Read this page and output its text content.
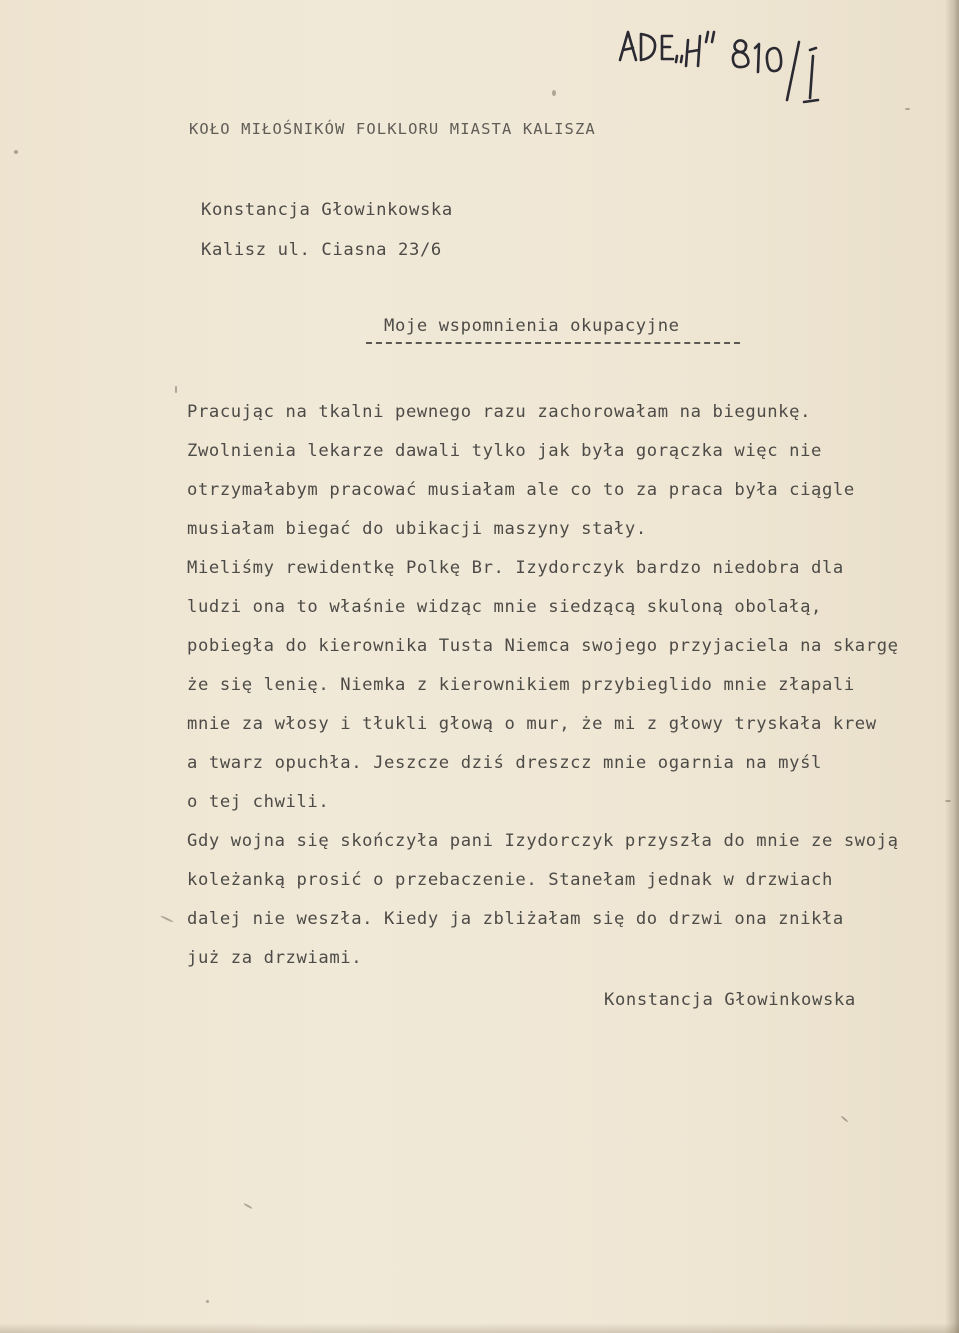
KOŁO MIŁOŚNIKÓW FOLKLORU MIASTA KALISZA

Konstancja Głowinkowska

Kalisz ul. Ciasna 23/6

Moje wspomnienia okupacyjne

Pracując na tkalni pewnego razu zachorowałam na biegunkę.

Zwolnienia lekarze dawali tylko jak była gorączka więc nie

otrzymałabym pracować musiałam ale co to za praca była ciągle

musiałam biegać do ubikacji maszyny stały.

Mieliśmy rewidentkę Polkę Br. Izydorczyk bardzo niedobra dla

ludzi ona to właśnie widząc mnie siedzącą skuloną obolałą,

pobiegła do kierownika Tusta Niemca swojego przyjaciela na skargę

że się lenię. Niemka z kierownikiem przybieglido mnie złapali

mnie za włosy i tłukli głową o mur, że mi z głowy tryskała krew

a twarz opuchła. Jeszcze dziś dreszcz mnie ogarnia na myśl

o tej chwili.

Gdy wojna się skończyła pani Izydorczyk przyszła do mnie ze swoją

koleżanką prosić o przebaczenie. Stanełam jednak w drzwiach

dalej nie weszła. Kiedy ja zbliżałam się do drzwi ona znikła

już za drzwiami.

Konstancja Głowinkowska
